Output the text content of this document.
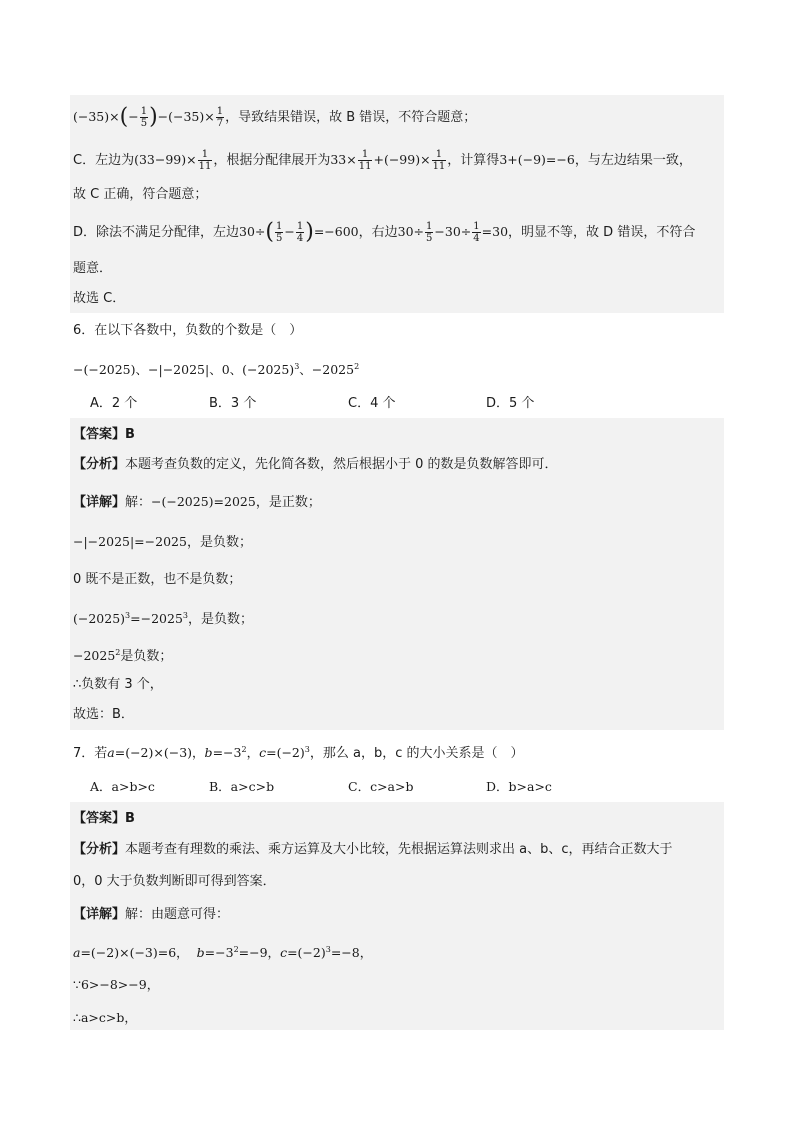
$(-35)\times(- \frac{1}{5} )-(-35)\times \frac{1}{7}$ ，导致结果错误，故 B 错误，不符合题意；
C．左边为$(33-99)\times \frac{1}{11}$ ，根据分配律展开为$33\times \frac{1}{11} +(-99)\times \frac{1}{11}$ ，计算得3+(−9)=−6，与左边结果一致，
故 C 正确，符合题意；
D．除法不满足分配律，左边$30\div( \frac{1}{5} - \frac{1}{4} )=-600$，右边$30\div \frac{1}{5} -30\div \frac{1}{4} =30$，明显不等，故 D 错误，不符合
题意．
故选 C．
6．在以下各数中，负数的个数是（　）
−(−2025)、−|−2025|、0、$(-2025)^3$、$-2025^2$
A．2 个	B．3 个	C．4 个	D．5 个
【答案】B
【分析】本题考查负数的定义，先化简各数，然后根据小于 0 的数是负数解答即可．
【详解】解：−(−2025)=2025，是正数；
−|−2025|=−2025，是负数；
0 既不是正数，也不是负数；
$(-2025)^3=-2025^3$，是负数；
$-2025^2$是负数；
∴负数有 3 个，
故选：B．
7．若a=(−2)×(−3)，$b=-3^2$，$c=(-2)^3$，那么 a，b，c 的大小关系是（　）
A．a>b>c	B．a>c>b	C．c>a>b	D．b>a>c
【答案】B
【分析】本题考查有理数的乘法、乘方运算及大小比较，先根据运算法则求出 a、b、c，再结合正数大于
0，0 大于负数判断即可得到答案．
【详解】解：由题意可得：
a=(−2)×(−3)=6，  $b=-3^2=-9$，$c=(-2)^3=-8$，
∵6>−8>−9，
∴a>c>b，
